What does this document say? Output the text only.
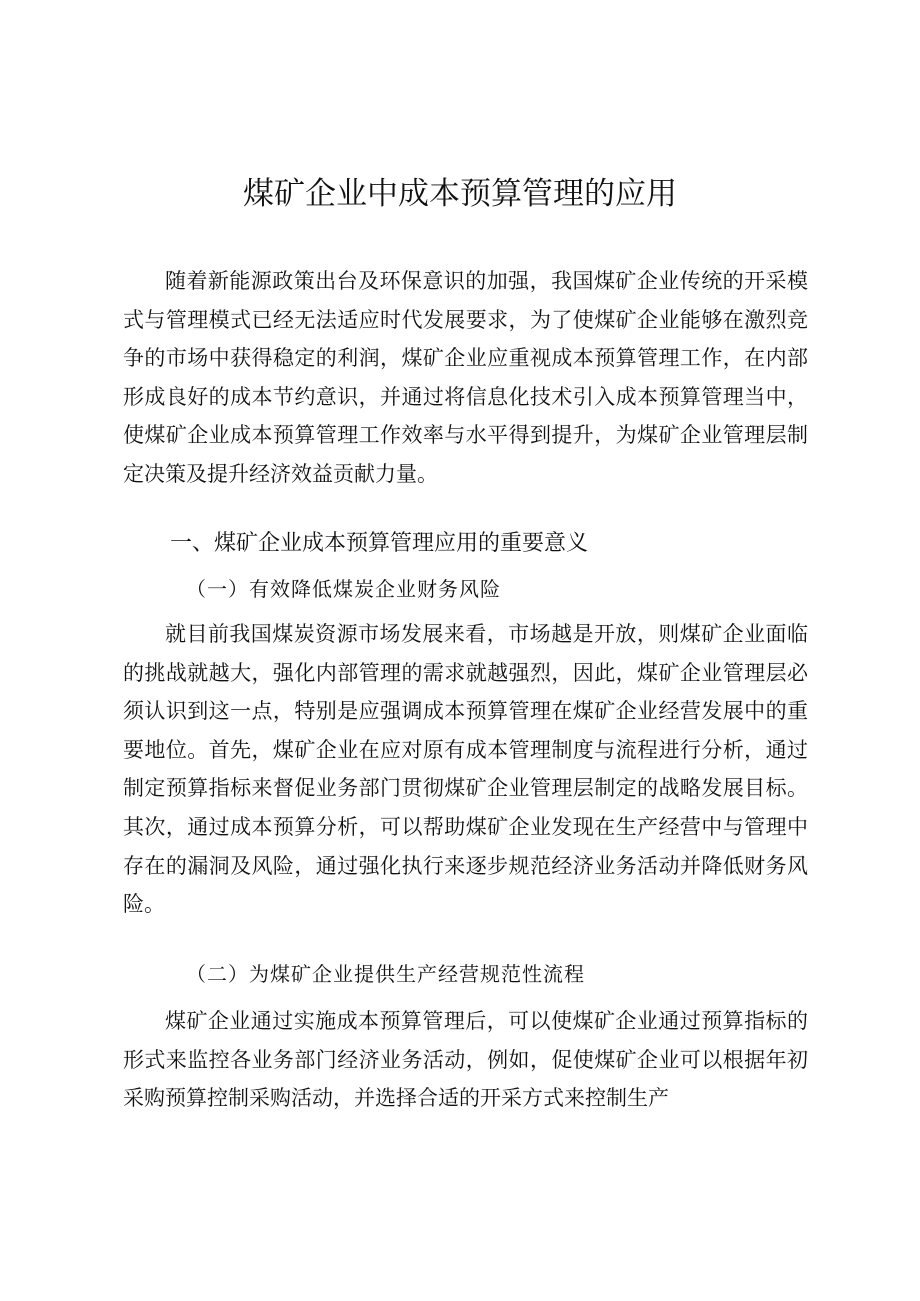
煤矿企业中成本预算管理的应用

随着新能源政策出台及环保意识的加强，我国煤矿企业传统的开采模式与管理模式已经无法适应时代发展要求，为了使煤矿企业能够在激烈竞争的市场中获得稳定的利润，煤矿企业应重视成本预算管理工作，在内部形成良好的成本节约意识，并通过将信息化技术引入成本预算管理当中，使煤矿企业成本预算管理工作效率与水平得到提升，为煤矿企业管理层制定决策及提升经济效益贡献力量。

一、煤矿企业成本预算管理应用的重要意义
（一）有效降低煤炭企业财务风险

就目前我国煤炭资源市场发展来看，市场越是开放，则煤矿企业面临的挑战就越大，强化内部管理的需求就越强烈，因此，煤矿企业管理层必须认识到这一点，特别是应强调成本预算管理在煤矿企业经营发展中的重要地位。首先，煤矿企业在应对原有成本管理制度与流程进行分析，通过制定预算指标来督促业务部门贯彻煤矿企业管理层制定的战略发展目标。其次，通过成本预算分析，可以帮助煤矿企业发现在生产经营中与管理中存在的漏洞及风险，通过强化执行来逐步规范经济业务活动并降低财务风险。

（二）为煤矿企业提供生产经营规范性流程

煤矿企业通过实施成本预算管理后，可以使煤矿企业通过预算指标的形式来监控各业务部门经济业务活动，例如，促使煤矿企业可以根据年初采购预算控制采购活动，并选择合适的开采方式来控制生产
